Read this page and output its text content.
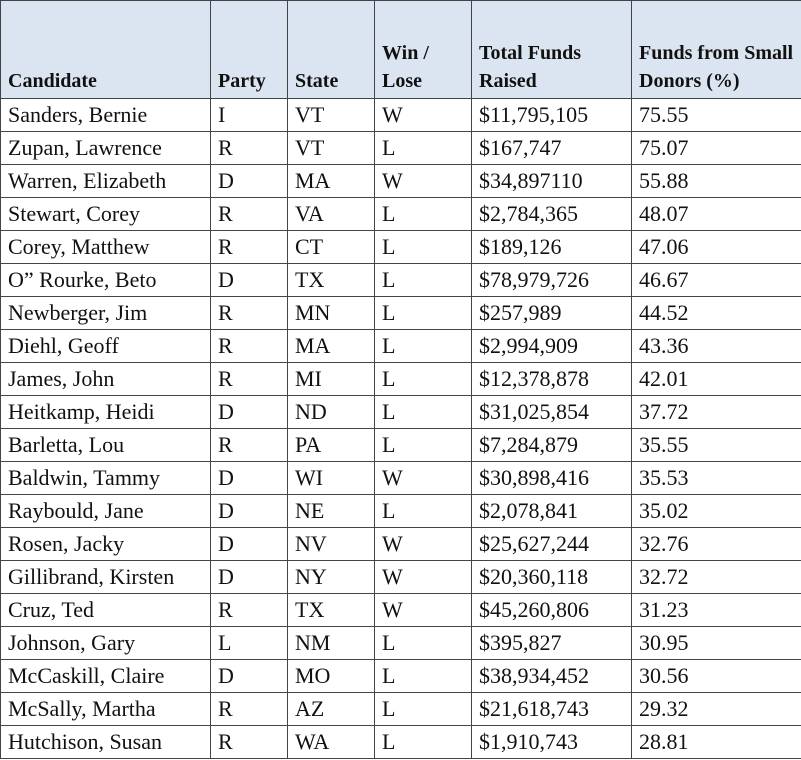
Candidate	Party	State	Win / Lose	Total Funds Raised	Funds from Small Donors (%)
Sanders, Bernie	I	VT	W	$11,795,105	75.55
Zupan, Lawrence	R	VT	L	$167,747	75.07
Warren, Elizabeth	D	MA	W	$34,897110	55.88
Stewart, Corey	R	VA	L	$2,784,365	48.07
Corey, Matthew	R	CT	L	$189,126	47.06
O” Rourke, Beto	D	TX	L	$78,979,726	46.67
Newberger, Jim	R	MN	L	$257,989	44.52
Diehl, Geoff	R	MA	L	$2,994,909	43.36
James, John	R	MI	L	$12,378,878	42.01
Heitkamp, Heidi	D	ND	L	$31,025,854	37.72
Barletta, Lou	R	PA	L	$7,284,879	35.55
Baldwin, Tammy	D	WI	W	$30,898,416	35.53
Raybould, Jane	D	NE	L	$2,078,841	35.02
Rosen, Jacky	D	NV	W	$25,627,244	32.76
Gillibrand, Kirsten	D	NY	W	$20,360,118	32.72
Cruz, Ted	R	TX	W	$45,260,806	31.23
Johnson, Gary	L	NM	L	$395,827	30.95
McCaskill, Claire	D	MO	L	$38,934,452	30.56
McSally, Martha	R	AZ	L	$21,618,743	29.32
Hutchison, Susan	R	WA	L	$1,910,743	28.81
